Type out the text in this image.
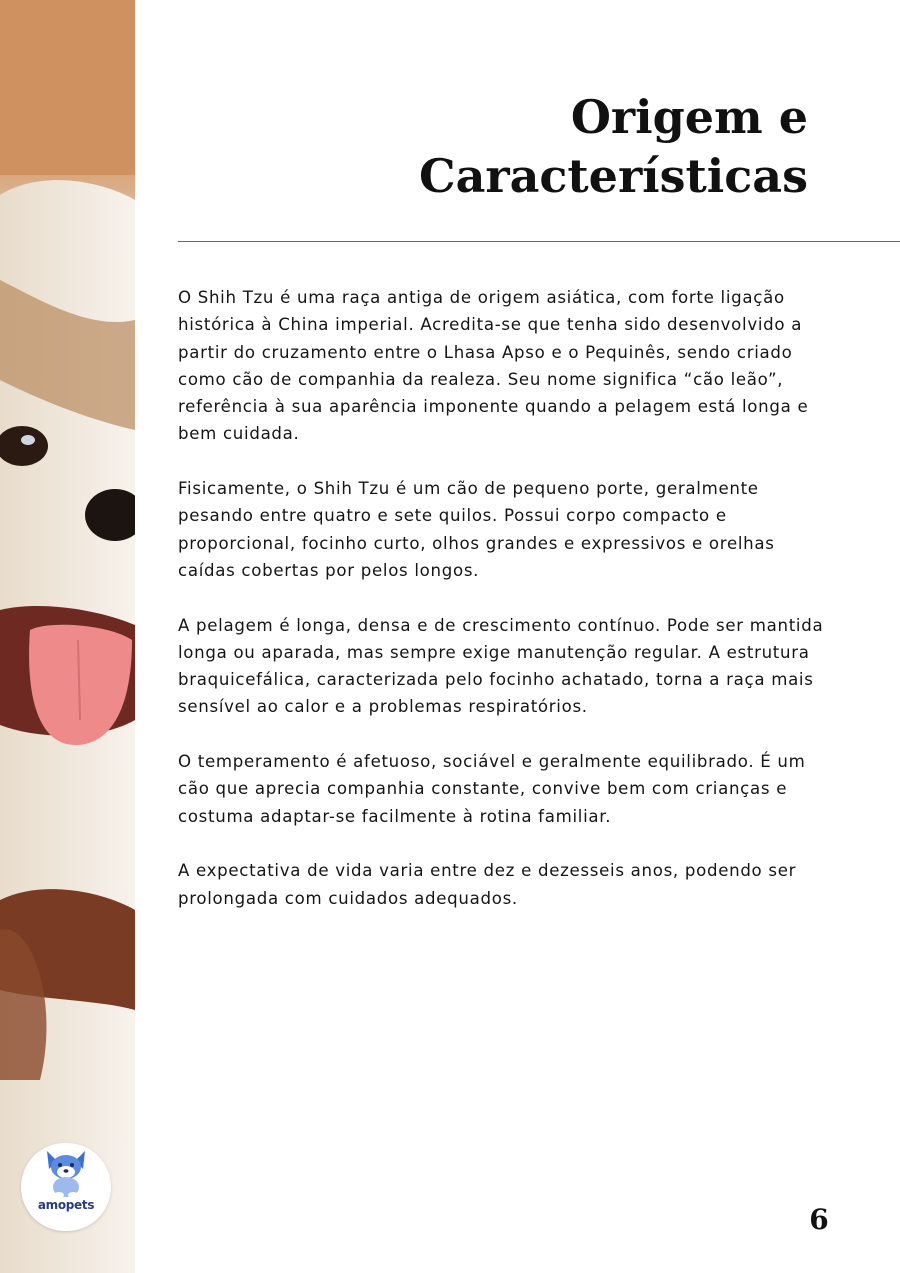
amopets
Origem e Características

O Shih Tzu é uma raça antiga de origem asiática, com forte ligação histórica à China imperial. Acredita-se que tenha sido desenvolvido a partir do cruzamento entre o Lhasa Apso e o Pequinês, sendo criado como cão de companhia da realeza. Seu nome significa “cão leão”, referência à sua aparência imponente quando a pelagem está longa e bem cuidada.

Fisicamente, o Shih Tzu é um cão de pequeno porte, geralmente pesando entre quatro e sete quilos. Possui corpo compacto e proporcional, focinho curto, olhos grandes e expressivos e orelhas caídas cobertas por pelos longos.

A pelagem é longa, densa e de crescimento contínuo. Pode ser mantida longa ou aparada, mas sempre exige manutenção regular. A estrutura braquicefálica, caracterizada pelo focinho achatado, torna a raça mais sensível ao calor e a problemas respiratórios.

O temperamento é afetuoso, sociável e geralmente equilibrado. É um cão que aprecia companhia constante, convive bem com crianças e costuma adaptar-se facilmente à rotina familiar.

A expectativa de vida varia entre dez e dezesseis anos, podendo ser prolongada com cuidados adequados.

6
